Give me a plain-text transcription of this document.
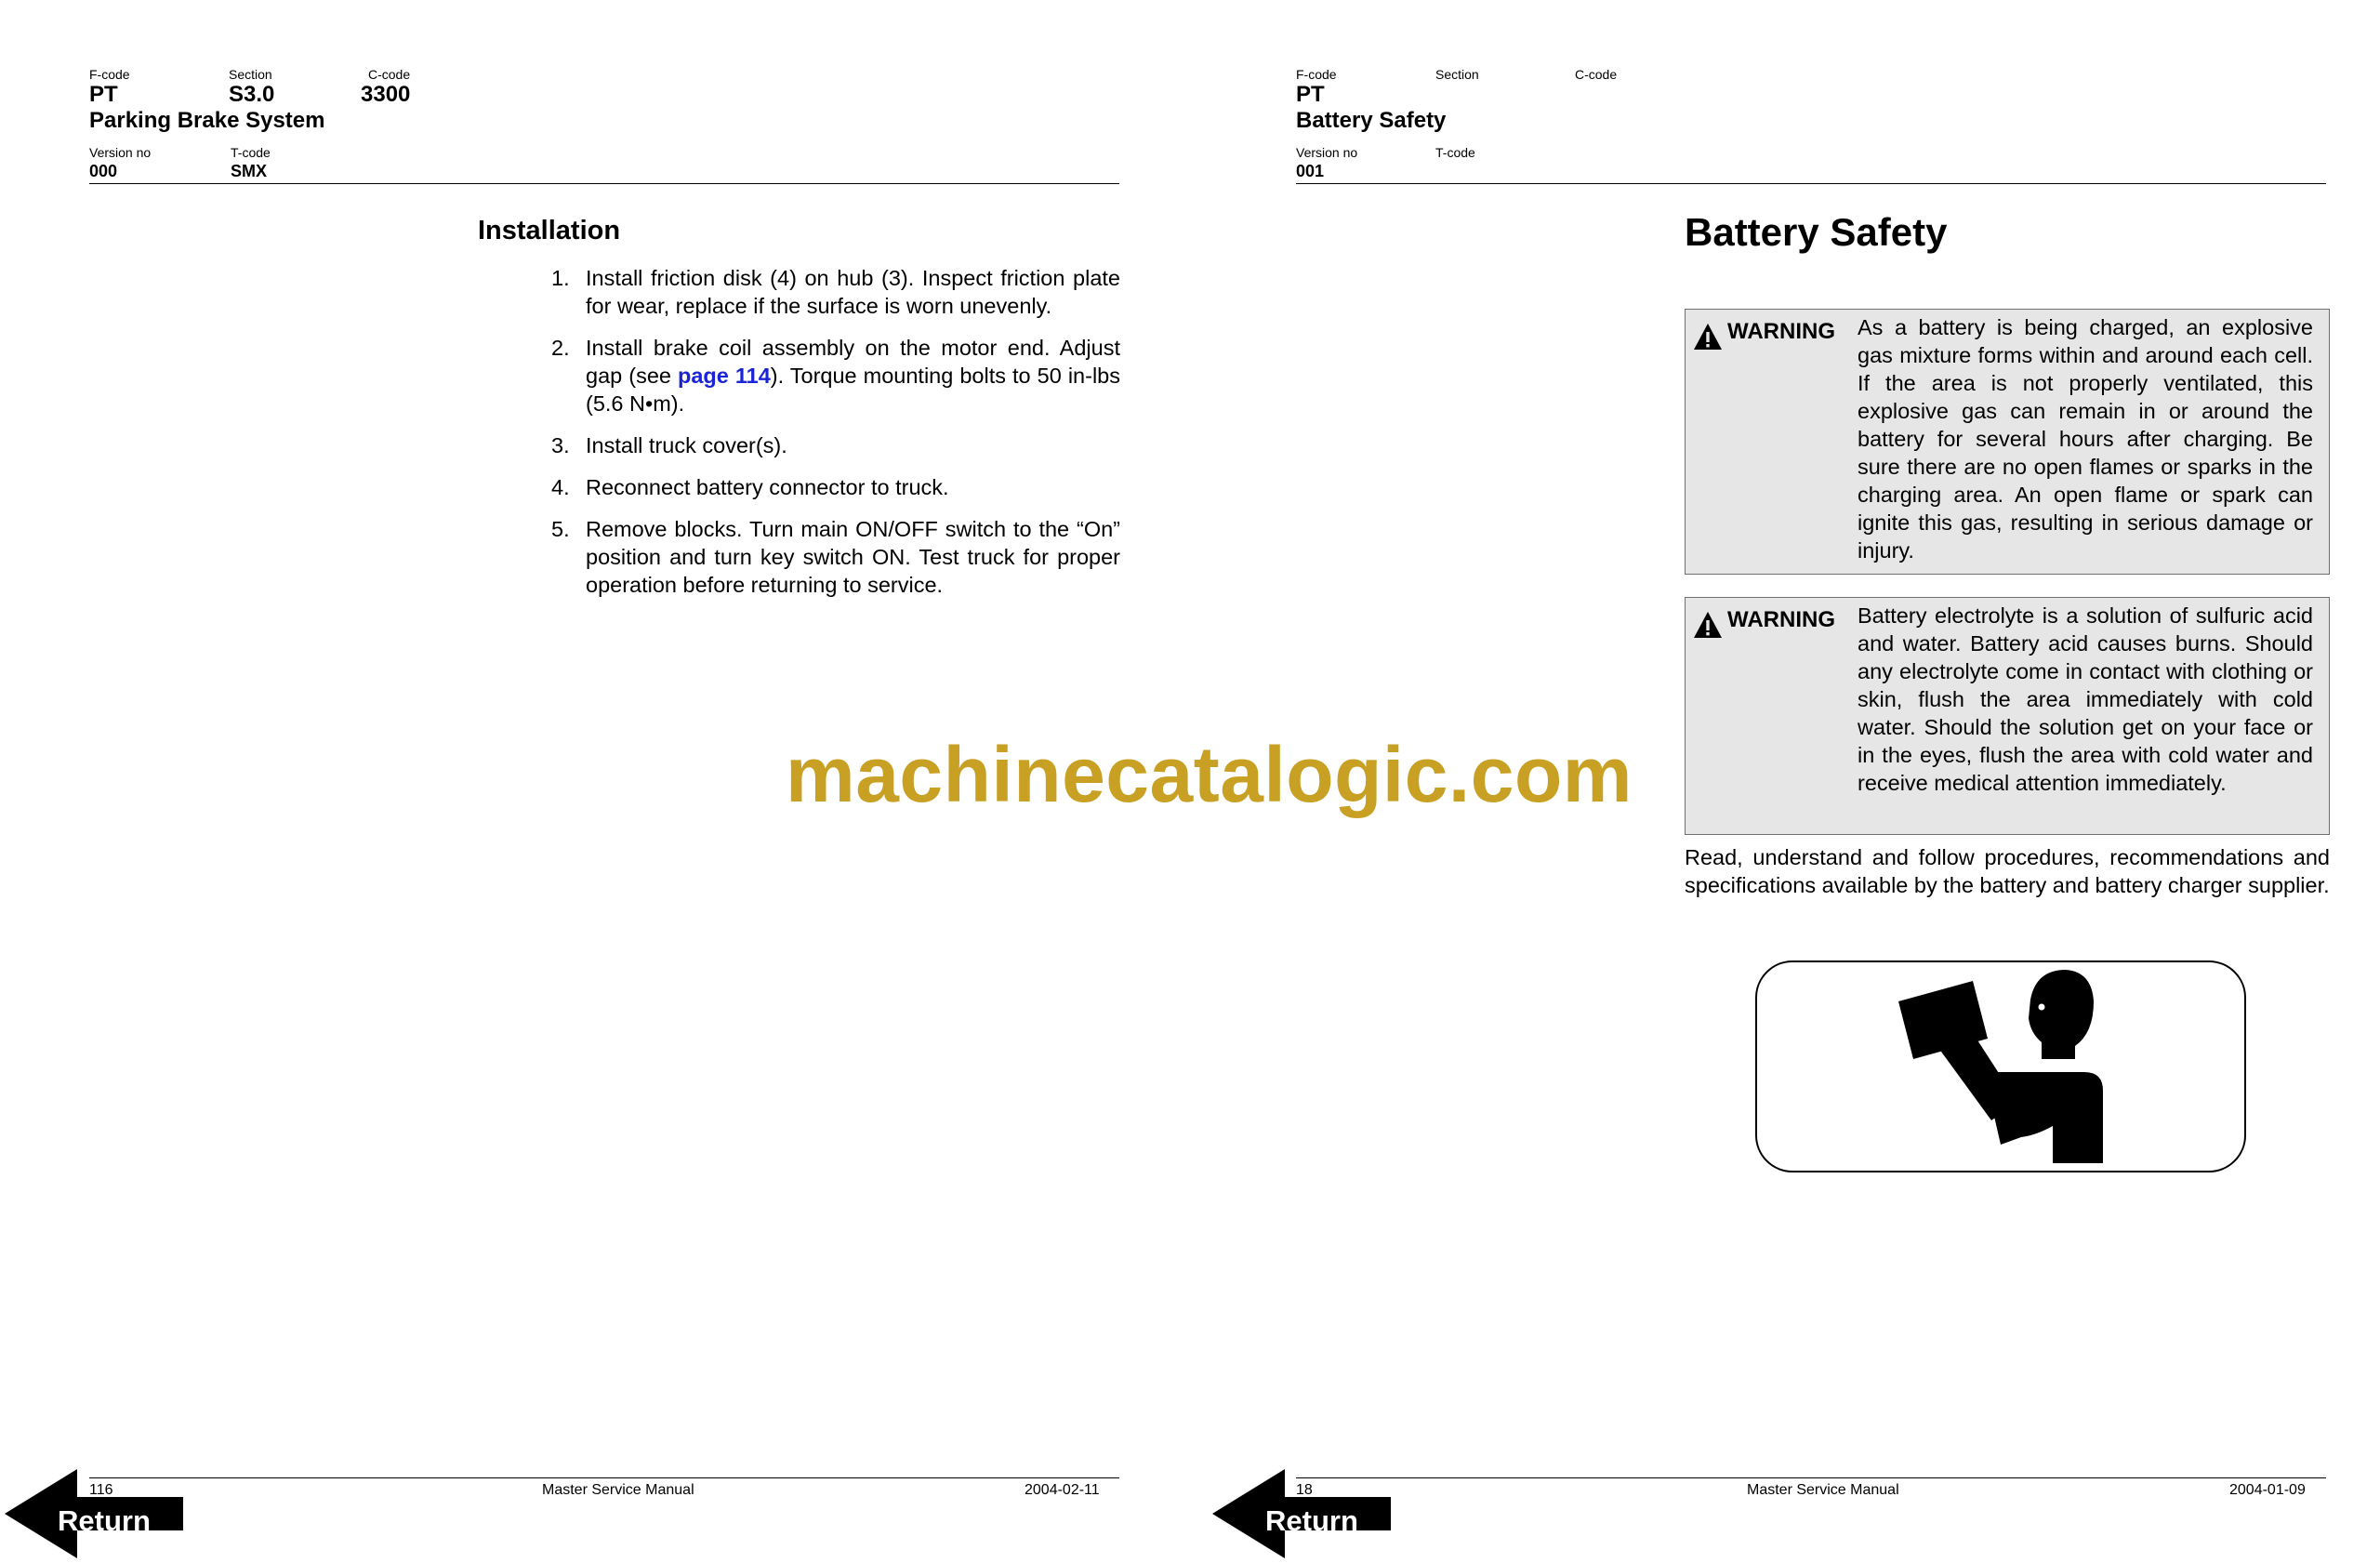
F-code	Section	C-code
PT	S3.0	3300
Parking Brake System
Version no	T-code
000	SMX
Installation
1. Install friction disk (4) on hub (3). Inspect friction plate for wear, replace if the surface is worn unevenly.
2. Install brake coil assembly on the motor end. Adjust gap (see page 114). Torque mounting bolts to 50 in-lbs (5.6 N•m).
3. Install truck cover(s).
4. Reconnect battery connector to truck.
5. Remove blocks. Turn main ON/OFF switch to the “On” position and turn key switch ON. Test truck for proper operation before returning to service.
116	Master Service Manual	2004-02-11
Return
F-code	Section	C-code
PT
Battery Safety
Version no	T-code
001
Battery Safety
WARNING As a battery is being charged, an explosive gas mixture forms within and around each cell. If the area is not properly ventilated, this explosive gas can remain in or around the battery for several hours after charging. Be sure there are no open flames or sparks in the charging area. An open flame or spark can ignite this gas, resulting in serious damage or injury.
WARNING Battery electrolyte is a solution of sulfuric acid and water. Battery acid causes burns. Should any electrolyte come in contact with clothing or skin, flush the area immediately with cold water. Should the solution get on your face or in the eyes, flush the area with cold water and receive medical attention immediately.
Read, understand and follow procedures, recommendations and specifications available by the battery and battery charger supplier.
18	Master Service Manual	2004-01-09
Return
machinecatalogic.com
